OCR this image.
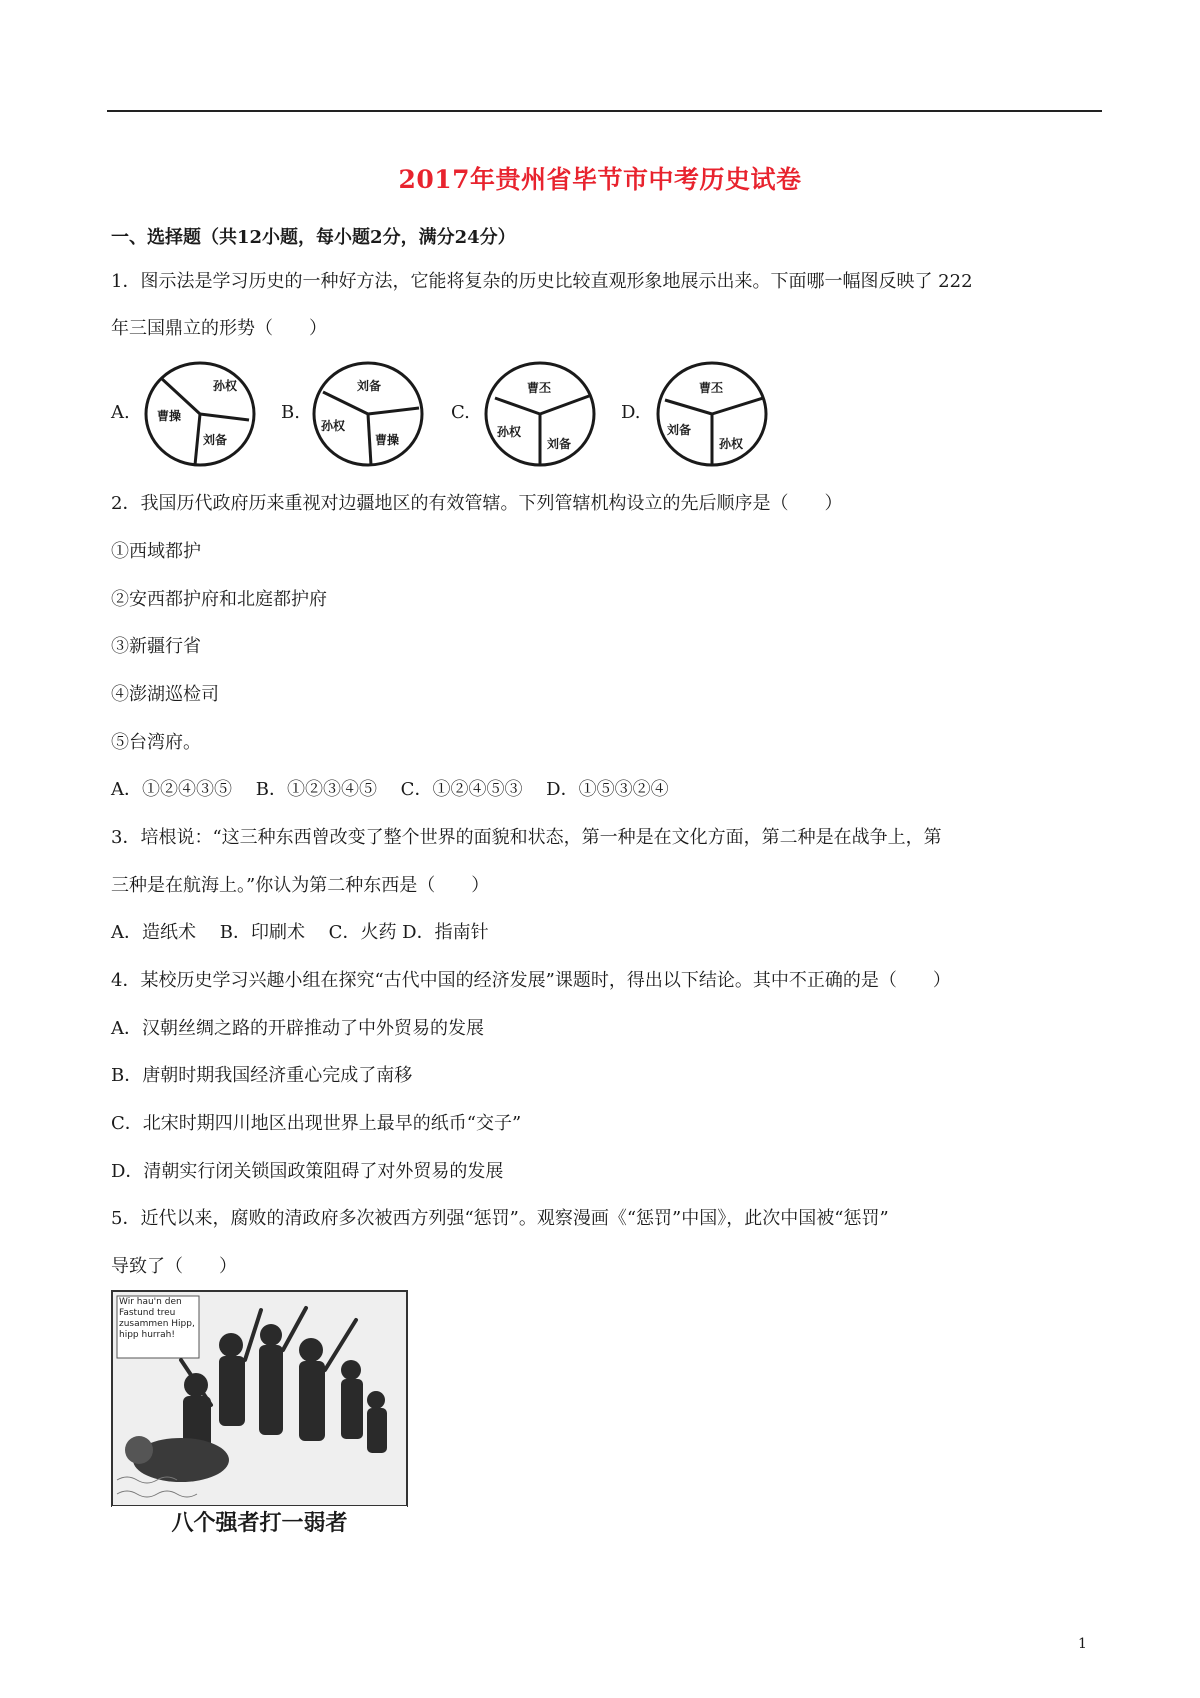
2017年贵州省毕节市中考历史试卷
一、选择题（共12小题，每小题2分，满分24分）
1．图示法是学习历史的一种好方法，它能将复杂的历史比较直观形象地展示出来。下面哪一幅图反映了 222
年三国鼎立的形势（　　）
A.
孙权
曹操
刘备
B.
刘备
孙权
曹操
C.
曹丕
孙权
刘备
D.
曹丕
刘备
孙权
2．我国历代政府历来重视对边疆地区的有效管辖。下列管辖机构设立的先后顺序是（　　）
①西域都护
②安西都护府和北庭都护府
③新疆行省
④澎湖巡检司
⑤台湾府。
A．①②④③⑤　 B．①②③④⑤　 C．①②④⑤③　 D．①⑤③②④
3．培根说：“这三种东西曾改变了整个世界的面貌和状态，第一种是在文化方面，第二种是在战争上，第
三种是在航海上。”你认为第二种东西是（　　）
A．造纸术　 B．印刷术　 C．火药 D．指南针
4．某校历史学习兴趣小组在探究“古代中国的经济发展”课题时，得出以下结论。其中不正确的是（　　）
A．汉朝丝绸之路的开辟推动了中外贸易的发展
B．唐朝时期我国经济重心完成了南移
C．北宋时期四川地区出现世界上最早的纸币“交子”
D．清朝实行闭关锁国政策阻碍了对外贸易的发展
5．近代以来，腐败的清政府多次被西方列强“惩罚”。观察漫画《“惩罚”中国》，此次中国被“惩罚”
导致了（　　）
Wir hau'n den Fastund treu zusammen Hipp, hipp hurrah!
八个强者打一弱者
1
